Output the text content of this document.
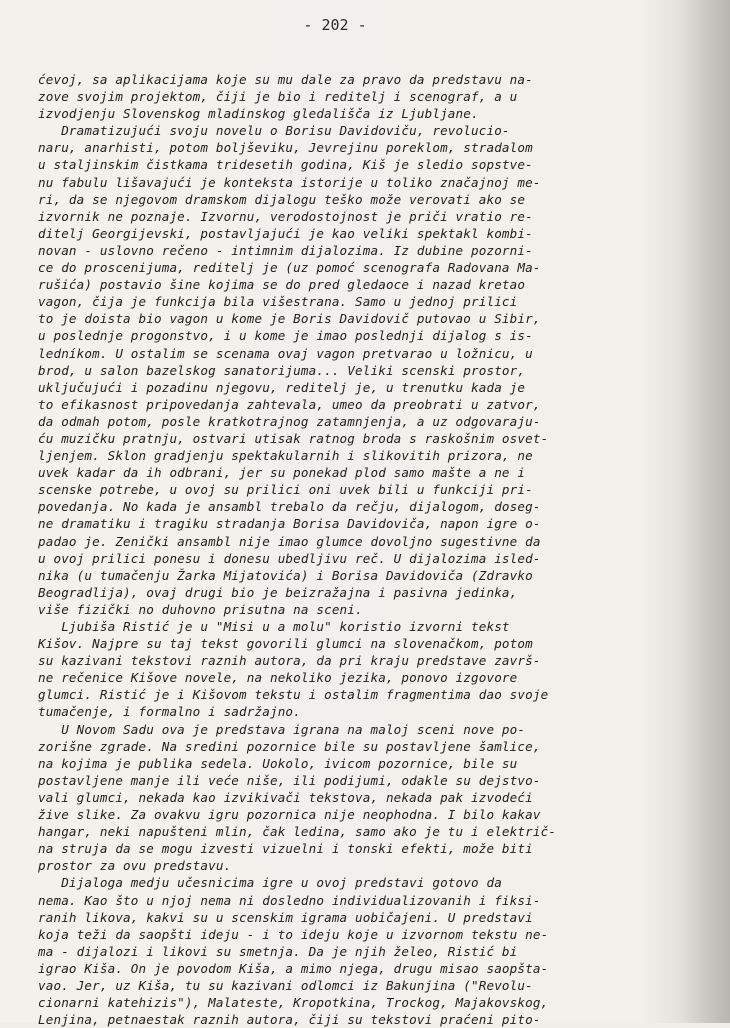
- 202 -
ćevoj, sa aplikacijama koje su mu dale za pravo da predstavu na-
zove svojim projektom, čiji je bio i reditelj i scenograf, a u
izvodjenju Slovenskog mladinskog gledališča iz Ljubljane.
Dramatizujući svoju novelu o Borisu Davidoviču, revolucio-
naru, anarhisti, potom boljševiku, Jevrejinu poreklom, stradalom
u staljinskim čistkama tridesetih godina, Kiš je sledio sopstve-
nu fabulu lišavajući je konteksta istorije u toliko značajnoj me-
ri, da se njegovom dramskom dijalogu teško može verovati ako se
izvornik ne poznaje. Izvornu, verodostojnost je priči vratio re-
ditelj Georgijevski, postavljajući je kao veliki spektakl kombi-
novan - uslovno rečeno - intimnim dijalozima. Iz dubine pozorni-
ce do proscenijuma, reditelj je (uz pomoć scenografa Radovana Ma-
rušića) postavio šine kojima se do pred gledaoce i nazad kretao
vagon, čija je funkcija bila višestrana. Samo u jednoj prilici
to je doista bio vagon u kome je Boris Davidovič putovao u Sibir,
u poslednje progonstvo, i u kome je imao poslednji dijalog s is-
ledníkom. U ostalim se scenama ovaj vagon pretvarao u ložnicu, u
brod, u salon bazelskog sanatorijuma... Veliki scenski prostor,
uključujući i pozadinu njegovu, reditelj je, u trenutku kada je
to efikasnost pripovedanja zahtevala, umeo da preobrati u zatvor,
da odmah potom, posle kratkotrajnog zatamnjenja, a uz odgovaraju-
ću muzičku pratnju, ostvari utisak ratnog broda s raskošnim osvet-
ljenjem. Sklon gradjenju spektakularnih i slikovitih prizora, ne
uvek kadar da ih odbrani, jer su ponekad plod samo mašte a ne i
scenske potrebe, u ovoj su prilici oni uvek bili u funkciji pri-
povedanja. No kada je ansambl trebalo da rečju, dijalogom, doseg-
ne dramatiku i tragiku stradanja Borisa Davidoviča, napon igre o-
padao je. Zenički ansambl nije imao glumce dovoljno sugestivne da
u ovoj prilici ponesu i donesu ubedljivu reč. U dijalozima isled-
nika (u tumačenju Žarka Mijatovića) i Borisa Davidoviča (Zdravko
Beogradlija), ovaj drugi bio je beizražajna i pasivna jedinka,
više fizički no duhovno prisutna na sceni.
Ljubiša Ristić je u "Misi u a molu" koristio izvorni tekst
Kišov. Najpre su taj tekst govorili glumci na slovenačkom, potom
su kazivani tekstovi raznih autora, da pri kraju predstave završ-
ne rečenice Kišove novele, na nekoliko jezika, ponovo izgovore
glumci. Ristić je i Kišovom tekstu i ostalim fragmentima dao svoje
tumačenje, i formalno i sadržajno.
U Novom Sadu ova je predstava igrana na maloj sceni nove po-
zorišne zgrade. Na sredini pozornice bile su postavljene šamlice,
na kojima je publika sedela. Uokolo, ivicom pozornice, bile su
postavljene manje ili veće niše, ili podijumi, odakle su dejstvo-
vali glumci, nekada kao izvikivači tekstova, nekada pak izvodeći
žive slike. Za ovakvu igru pozornica nije neophodna. I bilo kakav
hangar, neki napušteni mlin, čak ledina, samo ako je tu i električ-
na struja da se mogu izvesti vizuelni i tonski efekti, može biti
prostor za ovu predstavu.
Dijaloga medju učesnicima igre u ovoj predstavi gotovo da
nema. Kao što u njoj nema ni dosledno individualizovanih i fiksi-
ranih likova, kakvi su u scenskim igrama uobičajeni. U predstavi
koja teži da saopšti ideju - i to ideju koje u izvornom tekstu ne-
ma - dijalozi i likovi su smetnja. Da je njih želeo, Ristić bi
igrao Kiša. On je povodom Kiša, a mimo njega, drugu misao saopšta-
vao. Jer, uz Kiša, tu su kazivani odlomci iz Bakunjina ("Revolu-
cionarni katehizis"), Malateste, Kropotkina, Trockog, Majakovskog,
Lenjina, petnaestak raznih autora, čiji su tekstovi praćeni pito-
